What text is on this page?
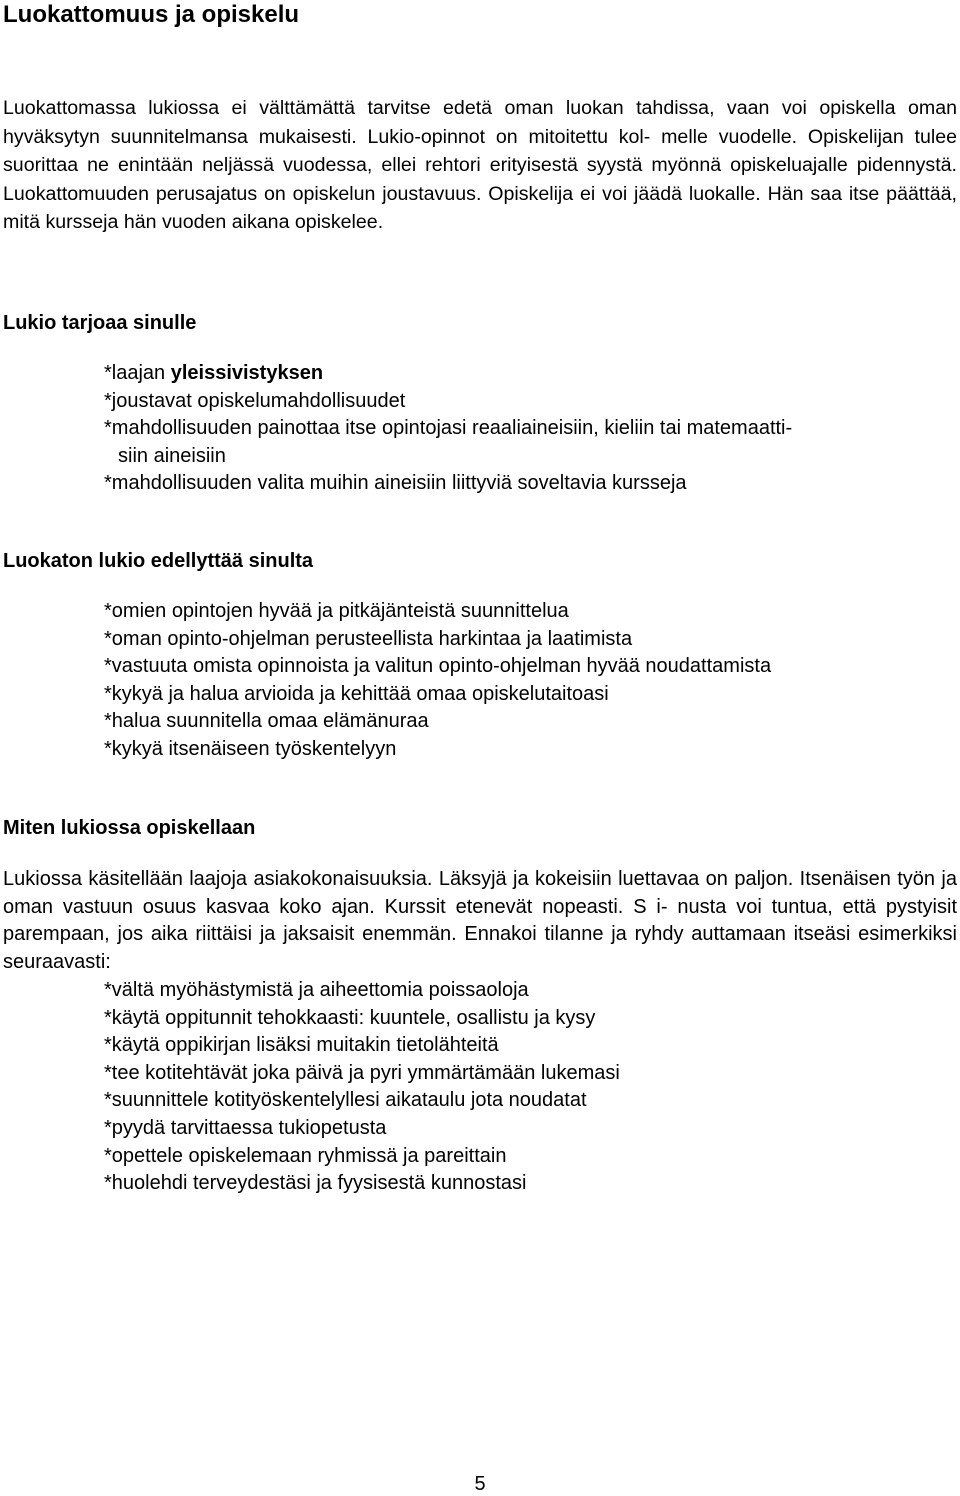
Luokattomuus ja opiskelu

Luokattomassa lukiossa ei välttämättä tarvitse edetä oman luokan tahdissa, vaan voi opiskella oman hyväksytyn suunnitelmansa mukaisesti. Lukio-opinnot on mitoitettu kol- melle vuodelle. Opiskelijan tulee suorittaa ne enintään neljässä vuodessa, ellei rehtori erityisestä syystä myönnä opiskeluajalle pidennystä. Luokattomuuden perusajatus on opiskelun joustavuus. Opiskelija ei voi jäädä luokalle. Hän saa itse päättää, mitä kursseja hän vuoden aikana opiskelee.

Lukio tarjoaa sinulle
*laajan yleissivistyksen
*joustavat opiskelumahdollisuudet
*mahdollisuuden painottaa itse opintojasi reaaliaineisiin, kieliin tai matemaatti-
siin aineisiin
*mahdollisuuden valita muihin aineisiin liittyviä soveltavia kursseja
Luokaton lukio edellyttää sinulta
*omien opintojen hyvää ja pitkäjänteistä suunnittelua
*oman opinto-ohjelman perusteellista harkintaa ja laatimista
*vastuuta omista opinnoista ja valitun opinto-ohjelman hyvää noudattamista
*kykyä ja halua arvioida ja kehittää omaa opiskelutaitoasi
*halua suunnitella omaa elämänuraa
*kykyä itsenäiseen työskentelyyn
Miten lukiossa opiskellaan

Lukiossa käsitellään laajoja asiakokonaisuuksia. Läksyjä ja kokeisiin luettavaa on paljon. Itsenäisen työn ja oman vastuun osuus kasvaa koko ajan. Kurssit etenevät nopeasti. S i- nusta voi tuntua, että pystyisit parempaan, jos aika riittäisi ja jaksaisit enemmän. Ennakoi tilanne ja ryhdy auttamaan itseäsi esimerkiksi seuraavasti:

*vältä myöhästymistä ja aiheettomia poissaoloja
*käytä oppitunnit tehokkaasti: kuuntele, osallistu ja kysy
*käytä oppikirjan lisäksi muitakin tietolähteitä
*tee kotitehtävät joka päivä ja pyri ymmärtämään lukemasi
*suunnittele kotityöskentelyllesi aikataulu jota noudatat
*pyydä tarvittaessa tukiopetusta
*opettele opiskelemaan ryhmissä ja pareittain
*huolehdi terveydestäsi ja fyysisestä kunnostasi
5
